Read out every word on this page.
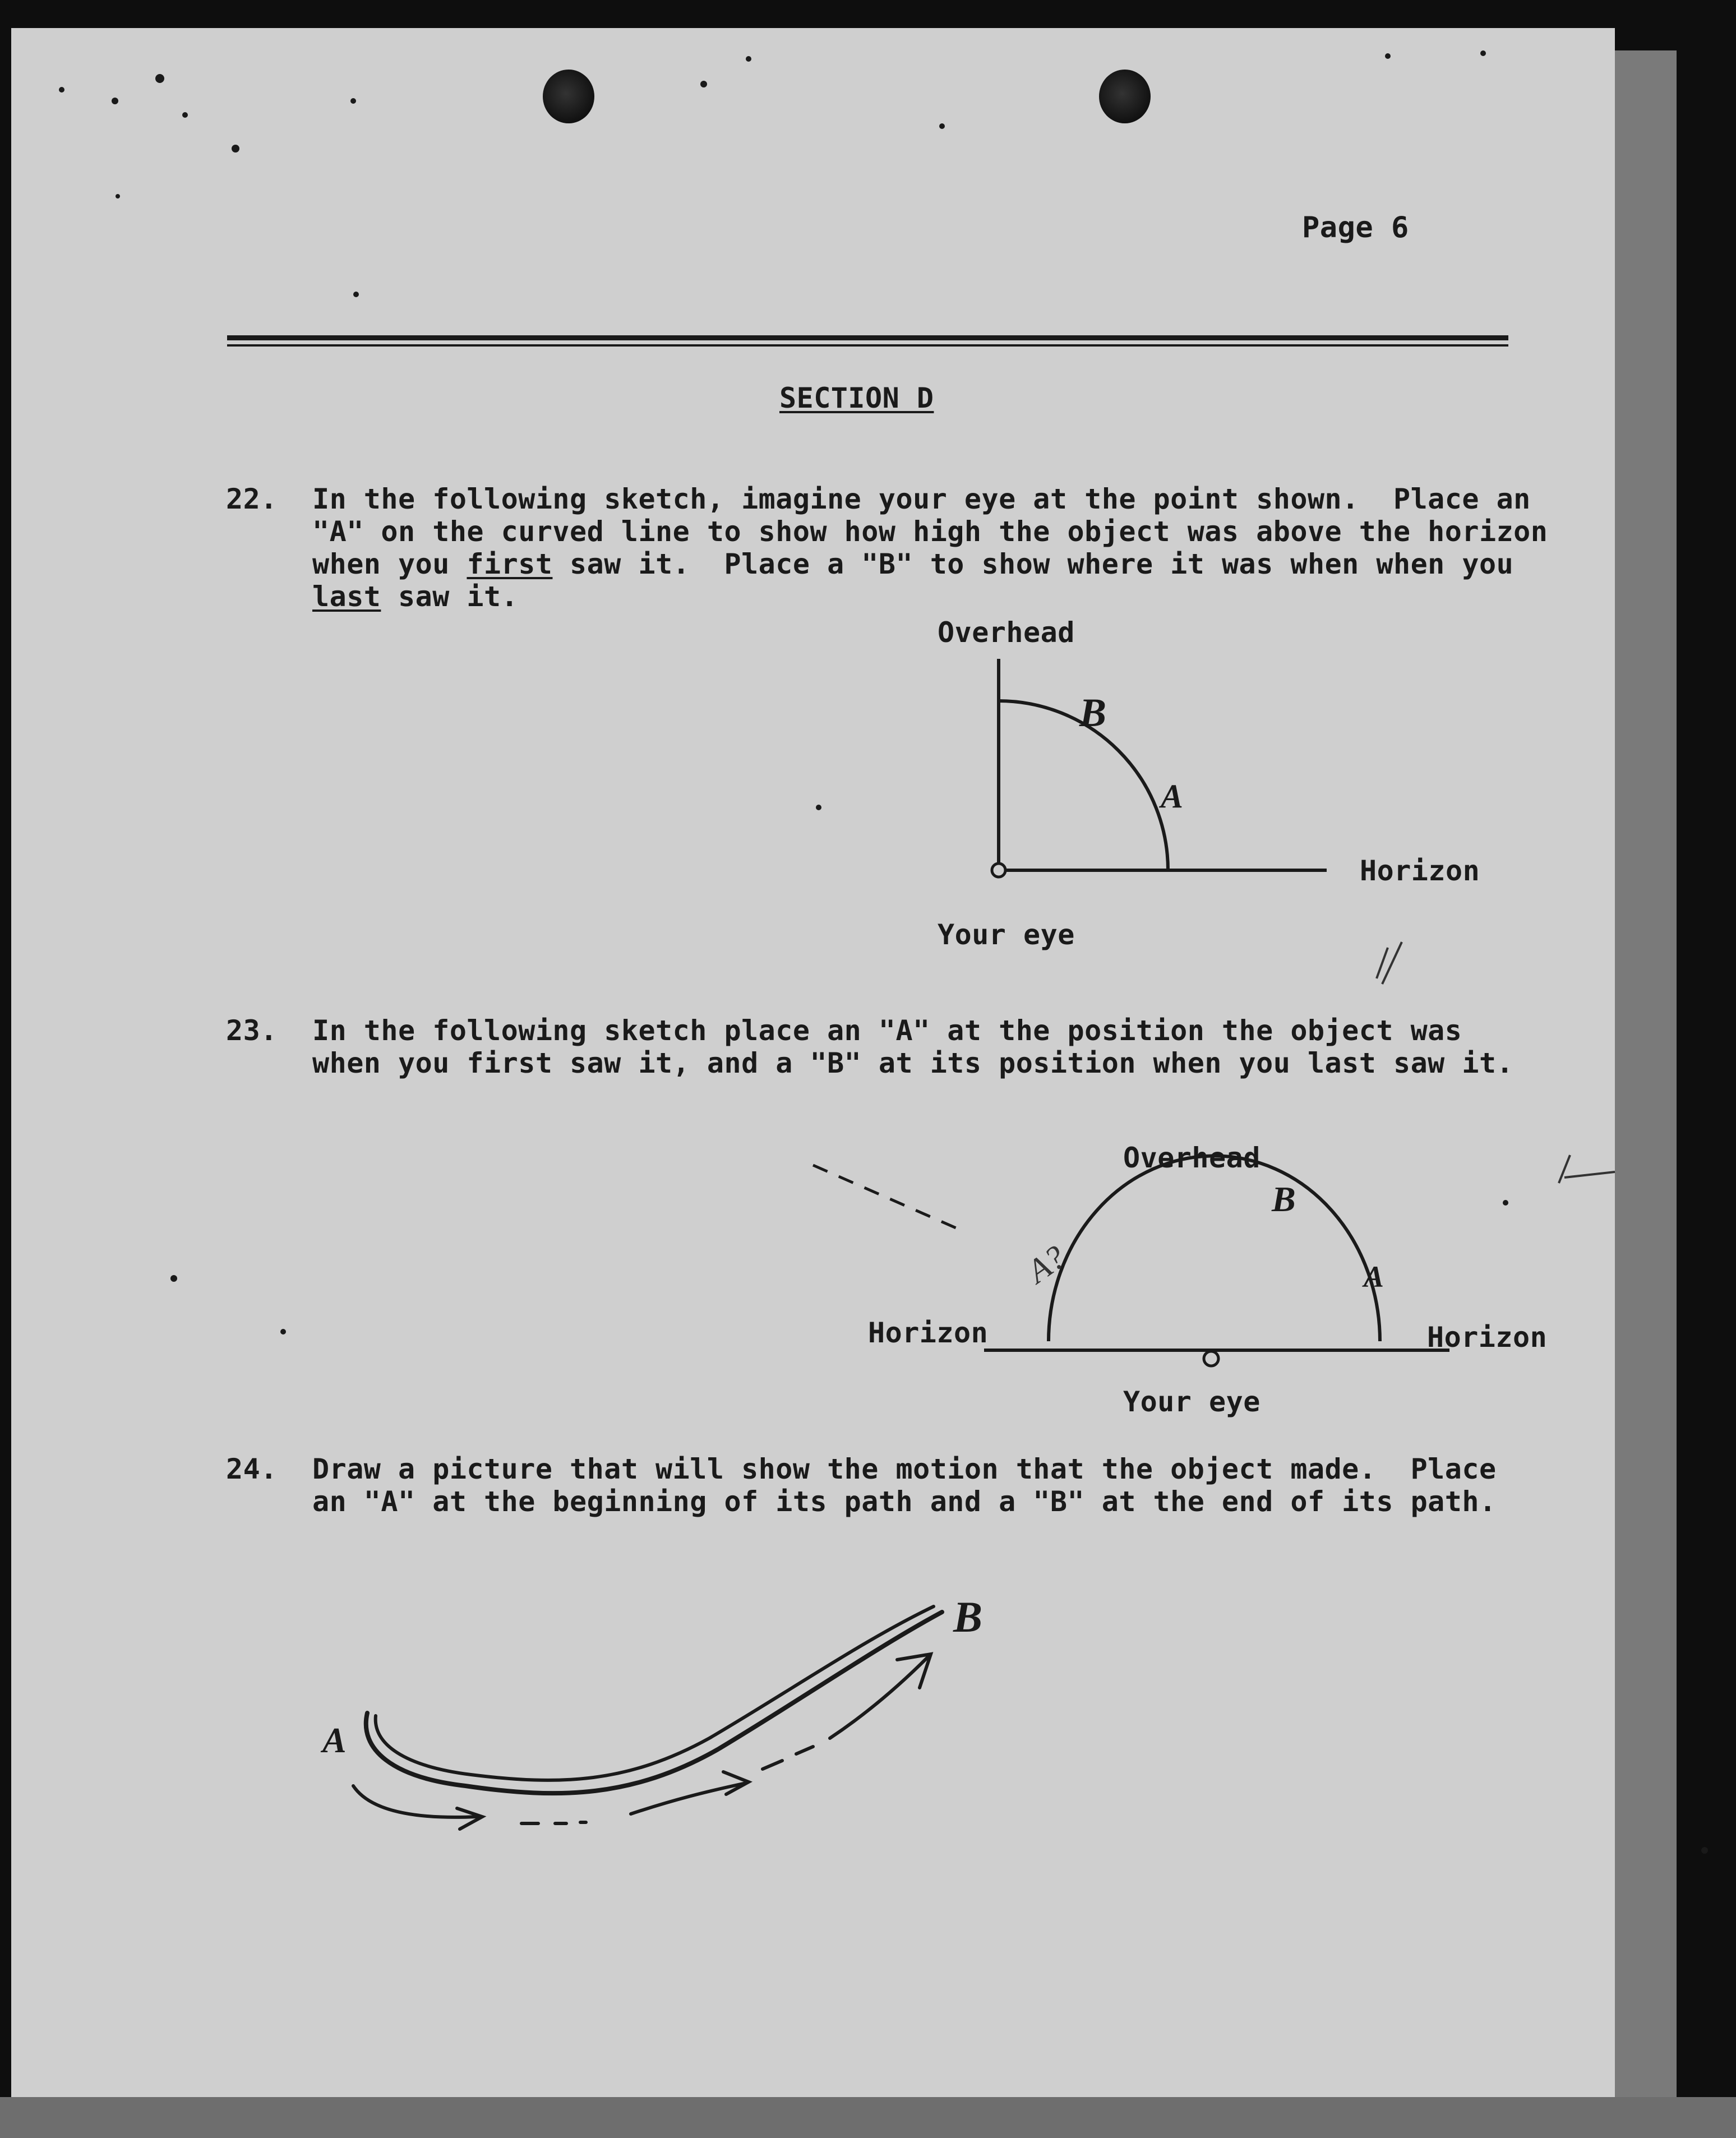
Page 6
SECTION D
22. In the following sketch, imagine your eye at the point shown.  Place an
"A" on the curved line to show how high the object was above the horizon
when you first saw it.  Place a "B" to show where it was when when you
last saw it.
Overhead
Horizon
Your eye
23. In the following sketch place an "A" at the position the object was
when you first saw it, and a "B" at its position when you last saw it.
Overhead
Horizon	Horizon
Your eye
24. Draw a picture that will show the motion that the object made.  Place
an "A" at the beginning of its path and a "B" at the end of its path.
B
A
B
A
A?
A
B
